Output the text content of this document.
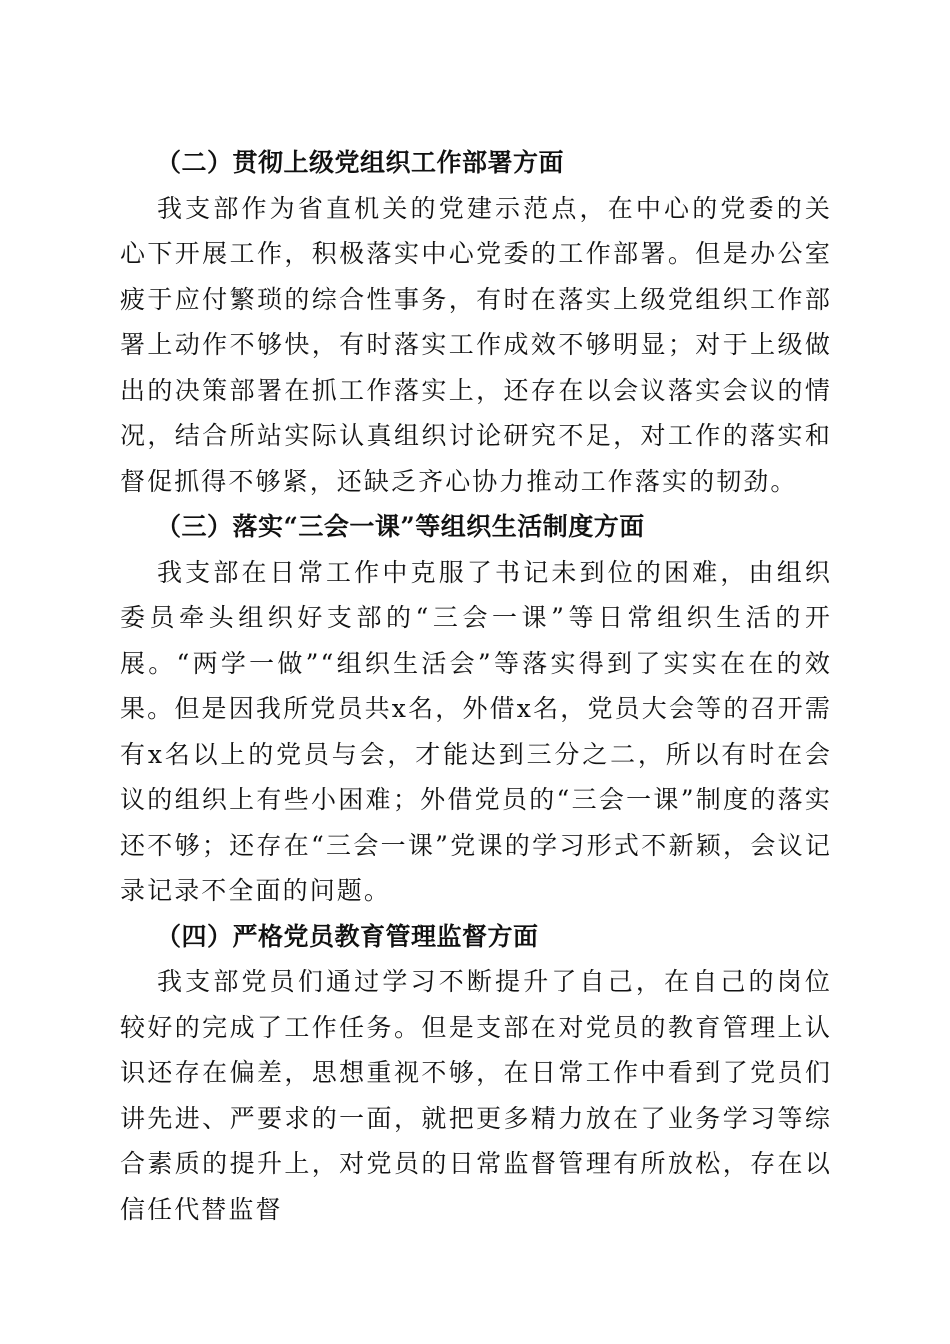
（二）贯彻上级党组织工作部署方面

我支部作为省直机关的党建示范点，在中心的党委的关心下开展工作，积极落实中心党委的工作部署。但是办公室疲于应付繁琐的综合性事务，有时在落实上级党组织工作部署上动作不够快，有时落实工作成效不够明显；对于上级做出的决策部署在抓工作落实上，还存在以会议落实会议的情况，结合所站实际认真组织讨论研究不足，对工作的落实和督促抓得不够紧，还缺乏齐心协力推动工作落实的韧劲。

（三）落实“三会一课”等组织生活制度方面

我支部在日常工作中克服了书记未到位的困难，由组织委员牵头组织好支部的“三会一课”等日常组织生活的开展。“两学一做”“组织生活会”等落实得到了实实在在的效果。但是因我所党员共x名，外借x名，党员大会等的召开需有x名以上的党员与会，才能达到三分之二，所以有时在会议的组织上有些小困难；外借党员的“三会一课”制度的落实还不够；还存在“三会一课”党课的学习形式不新颖，会议记录记录不全面的问题。

（四）严格党员教育管理监督方面

我支部党员们通过学习不断提升了自己，在自己的岗位较好的完成了工作任务。但是支部在对党员的教育管理上认识还存在偏差，思想重视不够，在日常工作中看到了党员们讲先进、严要求的一面，就把更多精力放在了业务学习等综合素质的提升上，对党员的日常监督管理有所放松，存在以信任代替监督
